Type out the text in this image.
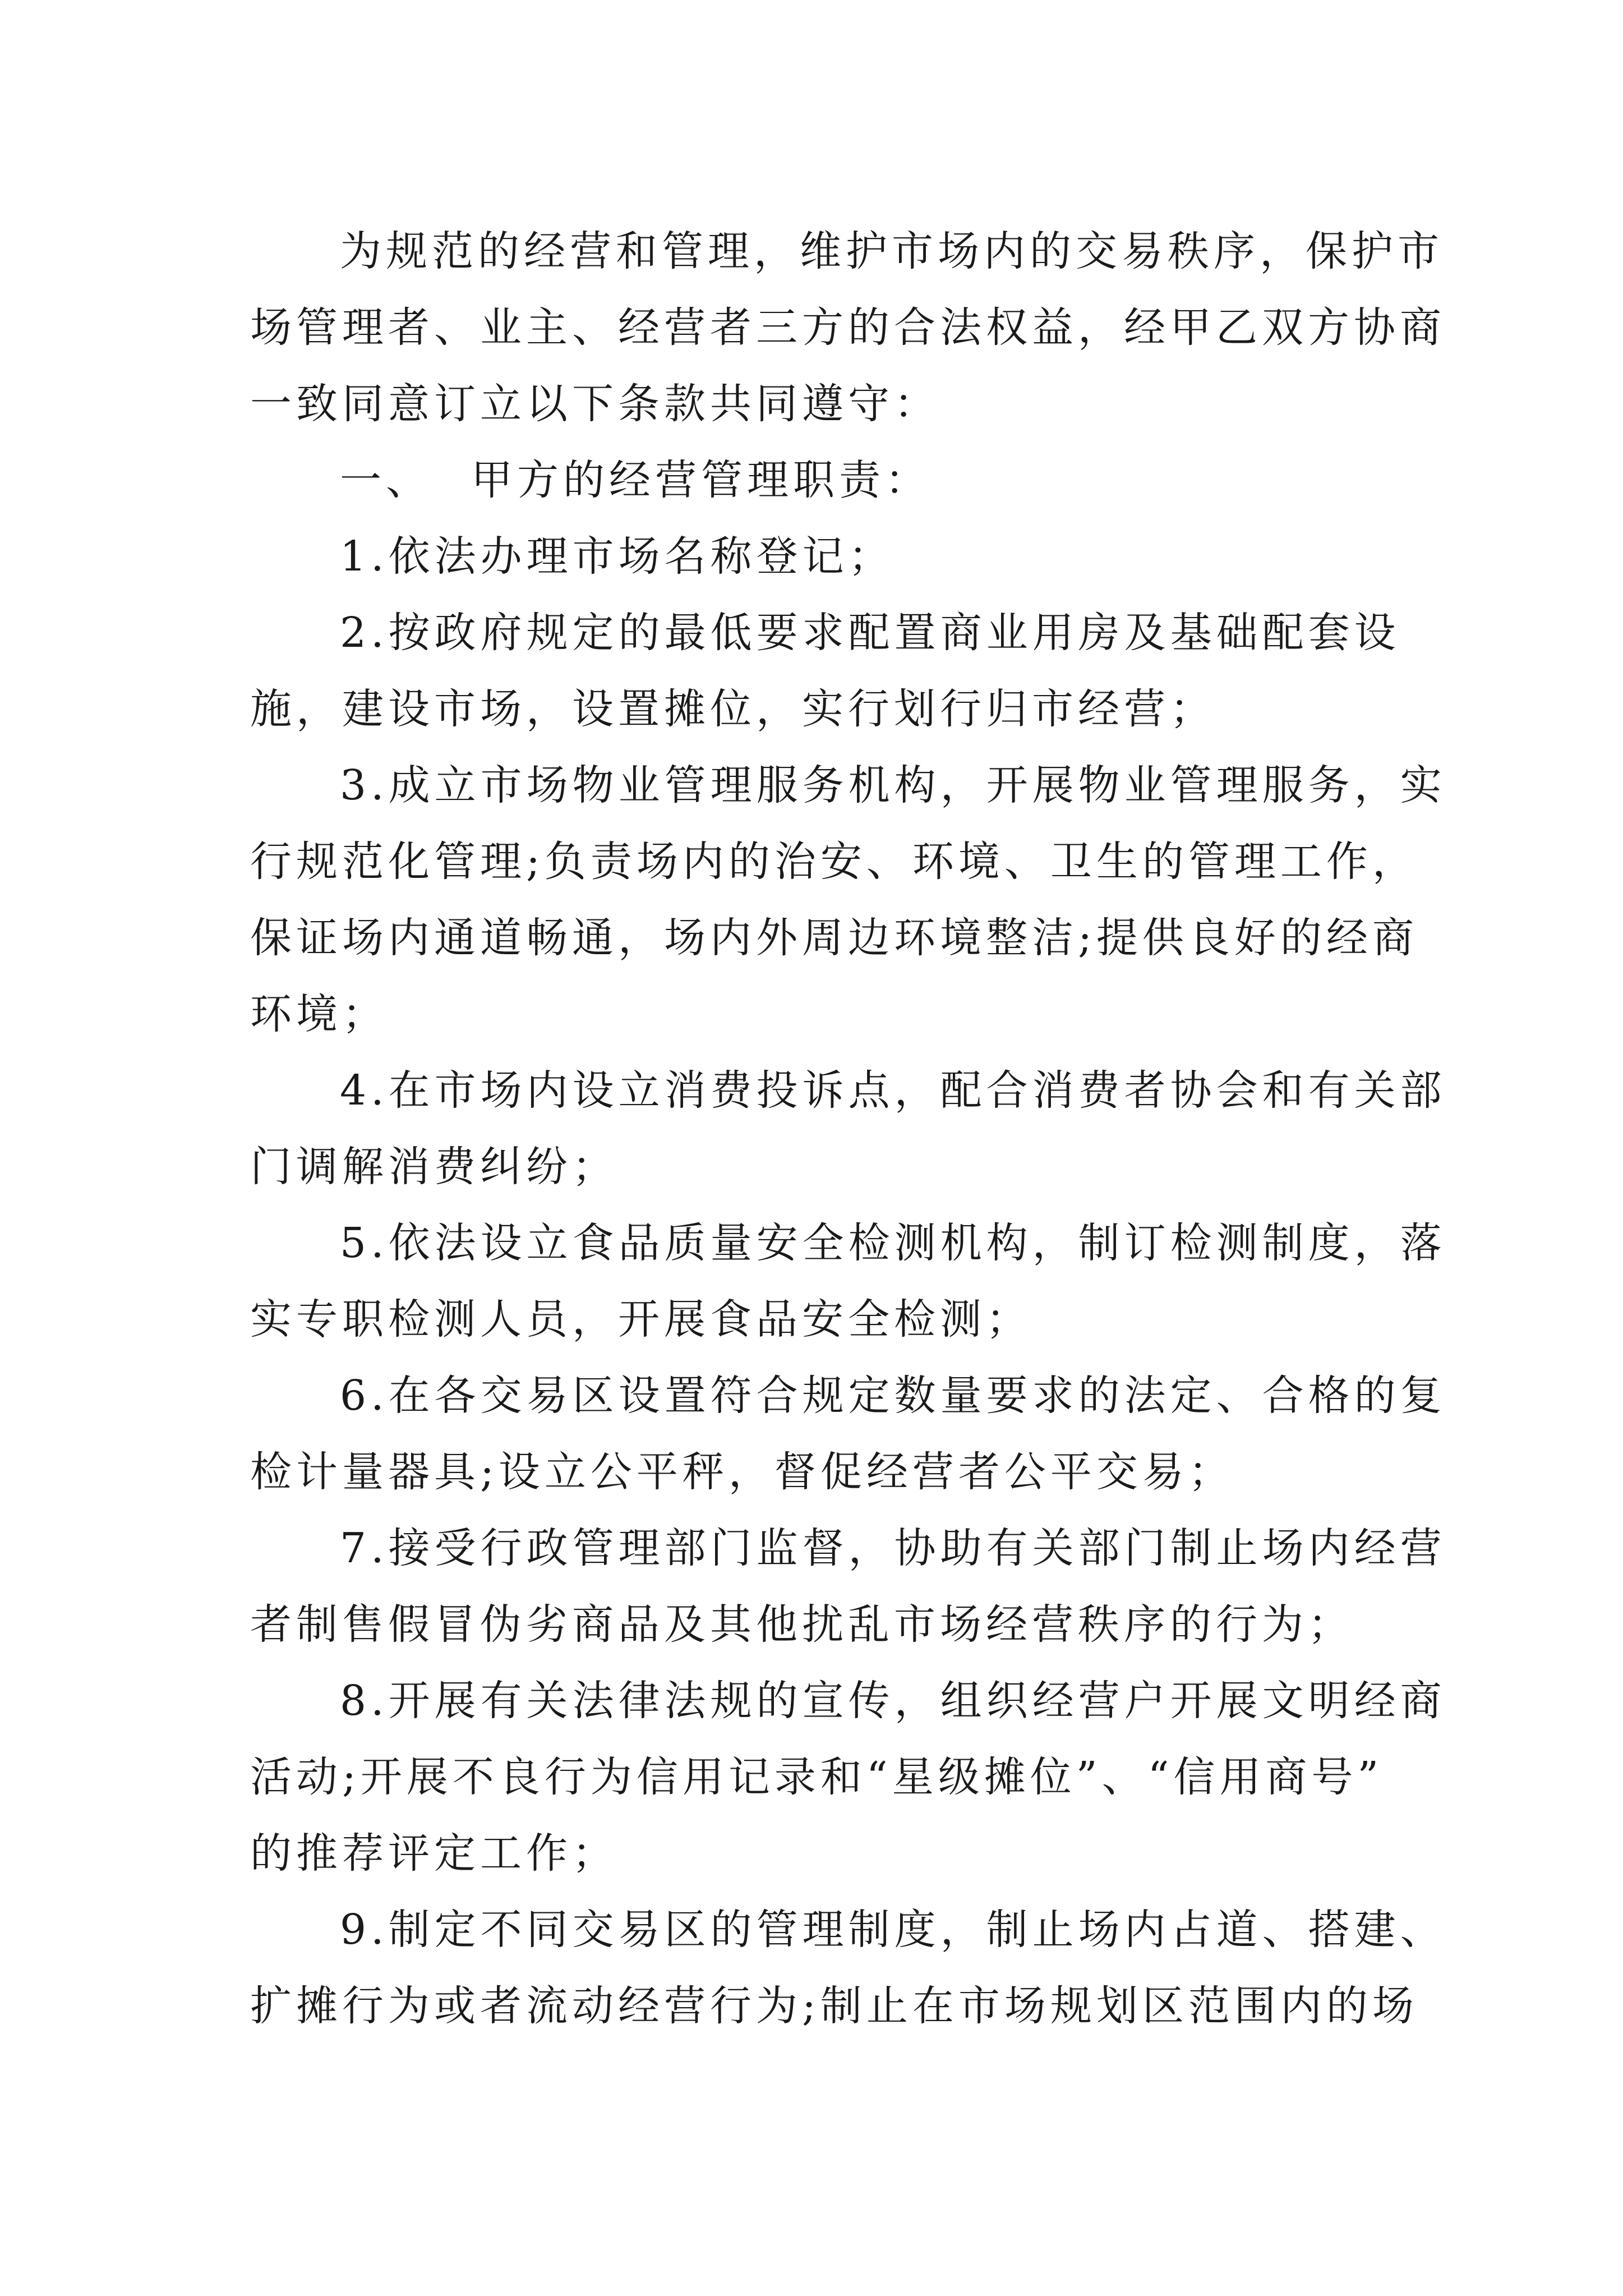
为规范的经营和管理，维护市场内的交易秩序，保护市
场管理者、业主、经营者三方的合法权益，经甲乙双方协商
一致同意订立以下条款共同遵守：
一、 甲方的经营管理职责：
1.依法办理市场名称登记；
2.按政府规定的最低要求配置商业用房及基础配套设
施，建设市场，设置摊位，实行划行归市经营；
3.成立市场物业管理服务机构，开展物业管理服务，实
行规范化管理;负责场内的治安、环境、卫生的管理工作，
保证场内通道畅通，场内外周边环境整洁;提供良好的经商
环境；
4.在市场内设立消费投诉点，配合消费者协会和有关部
门调解消费纠纷；
5.依法设立食品质量安全检测机构，制订检测制度，落
实专职检测人员，开展食品安全检测；
6.在各交易区设置符合规定数量要求的法定、合格的复
检计量器具;设立公平秤，督促经营者公平交易；
7.接受行政管理部门监督，协助有关部门制止场内经营
者制售假冒伪劣商品及其他扰乱市场经营秩序的行为；
8.开展有关法律法规的宣传，组织经营户开展文明经商
活动;开展不良行为信用记录和“星级摊位”、“信用商号”
的推荐评定工作；
9.制定不同交易区的管理制度，制止场内占道、搭建、
扩摊行为或者流动经营行为;制止在市场规划区范围内的场
